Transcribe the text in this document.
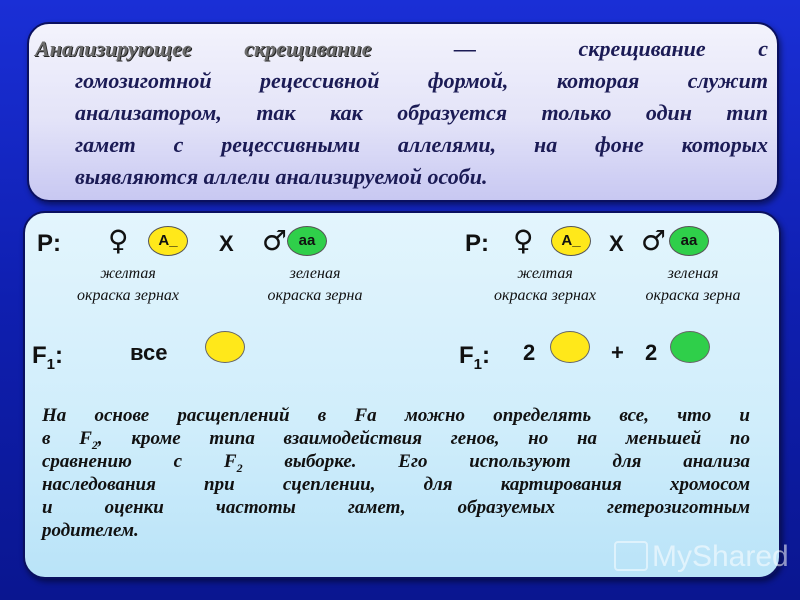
Анализирующее скрещивание	—	скрещивание с
гомозиготной рецессивной формой, которая служит
анализатором, так как образуется только один тип
гамет с рецессивными аллелями, на фоне которых
выявляются аллели анализируемой особи.
P: ♀	A_	X ♂ aa
желтая
окраска зернах
зеленая
окраска зерна
$F_1$:	все
P: ♀	A_	X ♂ aa
желтая
окраска зернах
зеленая
окраска зерна
$F_1$: 2	+ 2
На основе расщеплений в Fa можно определять все, что и
в $F_2$, кроме типа взаимодействия генов, но на меньшей по
сравнению с $F_2$ выборке. Его используют для анализа
наследования при сцеплении, для картирования хромосом
и оценки частоты гамет, образуемых гетерозиготным
родителем.
MyShared
